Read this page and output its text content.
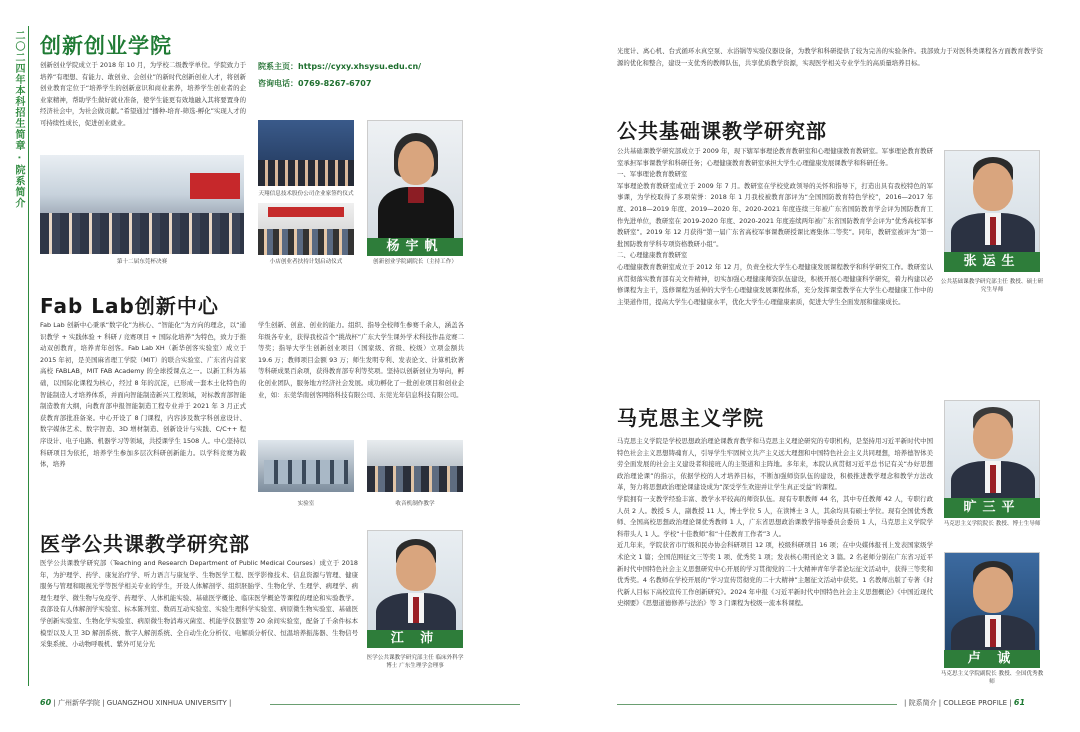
二〇二四年本科招生简章 · 院系简介 创新创业学院
创新创业学院成立于 2018 年 10 月，为学校二级教学单位。学院致力于培养“有理想、有能力、敢创业、会创业”的新时代创新创业人才，将创新创业教育定位于“培养学生的创新意识和商业素养，培养学生创业者的企业家精神，帮助学生做好就业准备，使学生能更有效地融入其将要置身的经济社会中，为社会做贡献。”希望通过“播种-培育-筛选-孵化”实现人才的可持续性成长，促进创业就业。
院系主页：https://cyxy.xhsysu.edu.cn/
咨询电话：0769-8267-6707
第十二届东莞杯决赛
天翔信息技术股份公司企业家签约仪式
小店创业者扶持计划启动仪式
杨宇帆
创新创业学院副院长（主持工作）
Fab Lab创新中心
Fab Lab 创新中心秉承“数字化”为核心、“智能化”为方向的理念，以“通识教学 + 实践体验 + 科研 / 竞赛项目 + 国际化培养”为特色，致力于推动双创教育，培养青年创客。Fab Lab XH（新华创客实验室）成立于 2015 年初，是美国麻省理工学院（MIT）的联合实验室、广东省内首家高校 FABLAB，MIT FAB Academy 的全球授课点之一。以新工科为基础，以国际化课程为核心，经过 8 年的沉淀，已形成一套本土化特色的智能制造人才培养体系，并面向智能制造新兴工程领域，对标教育部智能制造教育大纲，向教育部申报智能制造工程专业并于 2021 年 3 月正式获教育部批准备案。中心开设了 8 门课程，内容涉及数字科创意设计、数字媒体艺术、数字智造、3D 增材制造、创新设计与实践、C/C++ 程序设计、电子电路、机器学习等领域，共授课学生 1508 人。中心坚持以科研项目为依托，培养学生参加多层次科研创新能力。以学科竞赛为载体，培养
学生创新、创意、创业的能力。组织、指导全校师生参赛千余人，涵盖各年级各专业，获得我校首个“挑战杯”广东大学生课外学术科技作品竞赛二等奖；指导大学生创新创业项目（国家级、省级、校级）立项金额共 19.6 万；教师项目金额 93 万；师生发明专利、发表论文、计算机软著等科研成果百余项，获得教育部专利等奖项。坚持以创新创业为导向，孵化创业团队，服务地方经济社会发展。成功孵化了一批创业项目和创业企业，如：东莞华南创客网络科技有限公司、东莞光年信息科技有限公司。
实验室	收音机制作教学
医学公共课教学研究部
医学公共课教学研究部（Teaching and Research Department of Public Medical Courses）成立于 2018 年，为护理学、药学、康复治疗学、听力语言与康复学、生物医学工程、医学影像技术、信息资源与管理、健康服务与管理和眼视光学等医学相关专业的学生，开设人体解剖学、组织胚胎学、生物化学、生理学、病理学、病理生理学、微生物与免疫学、药理学、人体机能实验、基础医学概论、临床医学概论等课程的理论和实验教学。我部设有人体解剖学实验室、标本陈列室、数码互动实验室、实验生理科学实验室、病原微生物实验室、基础医学创新实验室、生物化学实验室、病原微生物消毒灭菌室、机能学仪器室等 20 余间实验室，配备了千余件标本模型以及人卫 3D 解剖系统、数字人解剖系统、全自动生化分析仪、电解质分析仪、恒温培养振荡器、生物信号采集系统、小动物呼吸机、紫外可见分光	江 沛
医学公共课教学研究部主任 临床外科学博士 广东生理学会理事
光度计、离心机、台式循环水真空泵、水浴锅等实验仪器设备，为教学和科研提供了较为完善的实验条件。我部致力于对医科类课程各方面教育教学资源的优化和整合，建设一支优秀的教师队伍，共享优质教学资源，实现医学相关专业学生的高质量培养目标。
公共基础课教学研究部
公共基础课教学研究部成立于 2009 年，现下辖军事理论教育教研室和心理健康教育教研室。军事理论教育教研室承担军事课教学和科研任务；心理健康教育教研室承担大学生心理健康发展课教学和科研任务。
一、军事理论教育教研室
军事理论教育教研室成立于 2009 年 7 月。教研室在学校党政领导的关怀和指导下，打造出具有我校特色的军事课，为学校取得了多项荣誉：2018 年 1 月我校被教育部评为“全国国防教育特色学校”，2016—2017 年度、2018—2019 年度、2019—2020 年、2020-2021 年度连续三年被广东省国防教育学会评为国防教育工作先进单位，教研室在 2019-2020 年度、2020-2021 年度连续两年被广东省国防教育学会评为“优秀高校军事教研室”。2019 年 12 月获得“第一届广东省高校军事课教研授课比赛集体二等奖”。同年，教研室被评为“第一批国防教育学科专项资格教研小组”。
二、心理健康教育教研室
心理健康教育教研室成立于 2012 年 12 月，负责全校大学生心理健康发展课程教学和科学研究工作。教研室认真贯彻落实教育部有关文件精神，切实加强心理健康师资队伍建设，积极开展心理健康科学研究，着力构建以必修课程为主干，选修课程为延伸的大学生心理健康发展课程体系，充分发挥课堂教学在大学生心理健康工作中的主渠道作用，提高大学生心理健康水平，优化大学生心理健康素质，促进大学生全面发展和健康成长。
张运生
公共基础课教学研究部主任 教授、硕士研究生导师
马克思主义学院
马克思主义学院是学校思想政治理论课教育教学和马克思主义理论研究的专职机构，是坚持用习近平新时代中国特色社会主义思想铸魂育人，引导学生牢固树立共产主义远大理想和中国特色社会主义共同理想，培养德智体美劳全面发展的社会主义建设者和接班人的主渠道和主阵地。多年来，本院认真贯彻习近平总书记有关“办好思想政治理论课”的指示，依据学校的人才培养目标，不断加强师资队伍的建设，积极推进教学理念和教学方法改革，努力将思想政治理论课建设成为“深受学生欢迎并让学生真正受益”的课程。
学院拥有一支教学经验丰富、教学水平较高的师资队伍。现有专职教师 44 名，其中专任教师 42 人，专职行政人员 2 人。教授 5 人，副教授 11 人，博士学位 5 人，在读博士 3 人，其余均具有硕士学位。现有全国优秀教师、全国高校思想政治理论课优秀教师 1 人，广东省思想政治课教学指导委员会委员 1 人，马克思主义学院学科带头人 1 人。学校“十佳教师”和“十佳教育工作者”3 人。
近几年来，学院获省市厅级和民办协会科研项目 12 项，校级科研项目 16 项；在中央媒体报刊上发表国家级学术论文 1 篇；全国范围征文三等奖 1 项、优秀奖 1 项；发表核心期刊论文 3 篇。2 名老师分别在广东省习近平新时代中国特色社会主义思想研究中心开展的学习贯彻党的二十大精神青年学者论坛征文活动中，获得三等奖和优秀奖。4 名教师在学校开展的“学习宣传贯彻党的二十大精神”主题征文活动中获奖。1 名教师出版了专著《时代新人目标下高校宣传工作创新研究》。2024 年申报《习近平新时代中国特色社会主义思想概论》《中国近现代史纲要》《思想道德修养与法治》等 3 门课程为校级一流本科课程。
旷三平
马克思主义学院院长 教授、博士生导师
卢 诚
马克思主义学院副院长 教授、全国优秀教师
60 | 广州新华学院 | GUANGZHOU XINHUA UNIVERSITY |	| 院系简介 | COLLEGE PROFILE | 61
